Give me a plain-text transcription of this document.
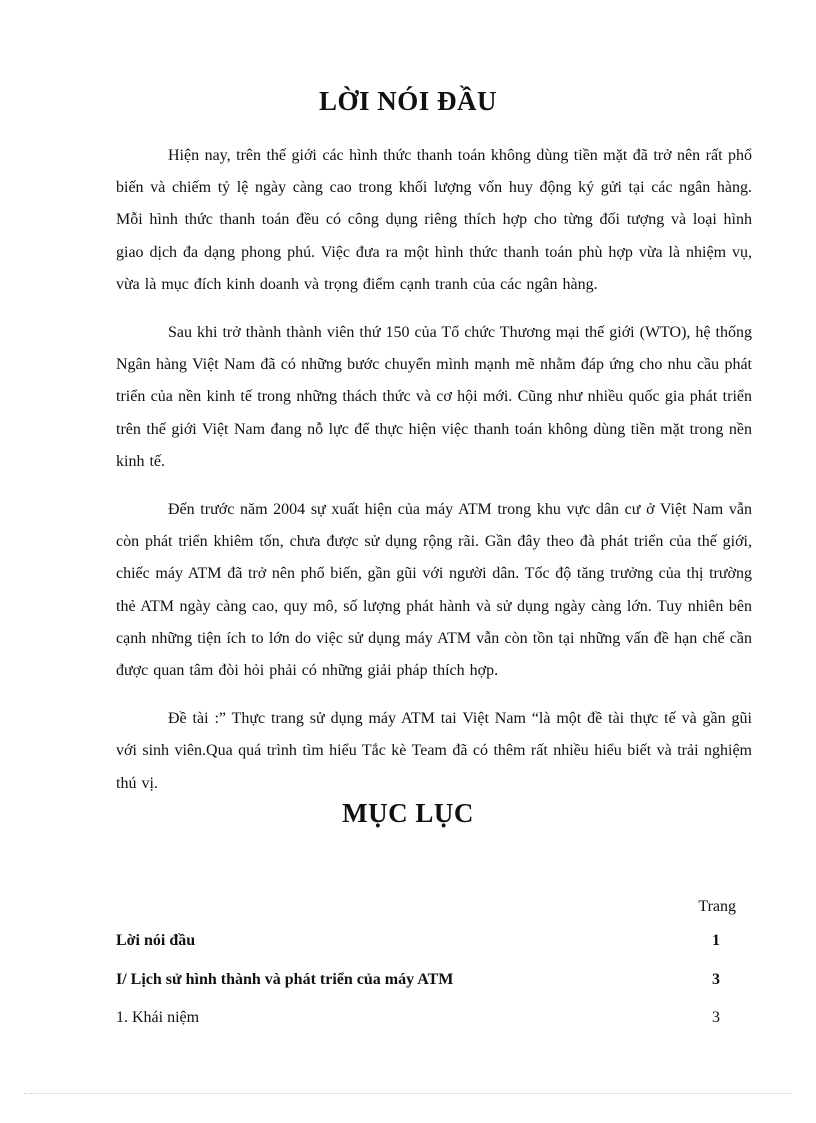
LỜI NÓI ĐẦU

Hiện nay, trên thế giới các hình thức thanh toán không dùng tiền mặt đã trở nên rất phổ biến và chiếm tỷ lệ ngày càng cao trong khối lượng vốn huy động ký gửi tại các ngân hàng. Mỗi hình thức thanh toán đều có công dụng riêng thích hợp cho từng đối tượng và loại hình giao dịch đa dạng phong phú. Việc đưa ra một hình thức thanh toán phù hợp vừa là nhiệm vụ, vừa là mục đích kinh doanh và trọng điểm cạnh tranh của các ngân hàng.

Sau khi trở thành thành viên thứ 150 của Tổ chức Thương mại thế giới (WTO), hệ thống Ngân hàng Việt Nam đã có những bước chuyển mình mạnh mẽ nhằm đáp ứng cho nhu cầu phát triển của nền kinh tế trong những thách thức và cơ hội mới. Cũng như nhiều quốc gia phát triển trên thế giới Việt Nam đang nỗ lực để thực hiện việc thanh toán không dùng tiền mặt trong nền kinh tế.

Đến trước năm 2004 sự xuất hiện của máy ATM trong khu vực dân cư ở Việt Nam vẫn còn phát triển khiêm tốn, chưa được sử dụng rộng rãi. Gần đây theo đà phát triển của thế giới, chiếc máy ATM đã trở nên phổ biến, gần gũi với người dân. Tốc độ tăng trưởng của thị trường thẻ ATM ngày càng cao, quy mô, số lượng phát hành và sử dụng ngày càng lớn. Tuy nhiên bên cạnh những tiện ích to lớn do việc sử dụng máy ATM vẫn còn tồn tại những vấn đề hạn chế cần được quan tâm đòi hỏi phải có những giải pháp thích hợp.

Đề tài :” Thực trang sử dụng máy ATM tai Việt Nam “là một đề tài thực tế và gần gũi với sinh viên.Qua quá trình tìm hiểu Tắc kè Team đã có thêm rất nhiều hiểu biết và trải nghiệm thú vị.

MỤC LỤC
Trang
Lời nói đầu	1
I/ Lịch sử hình thành và phát triển của máy ATM	3
1. Khái niệm	3
